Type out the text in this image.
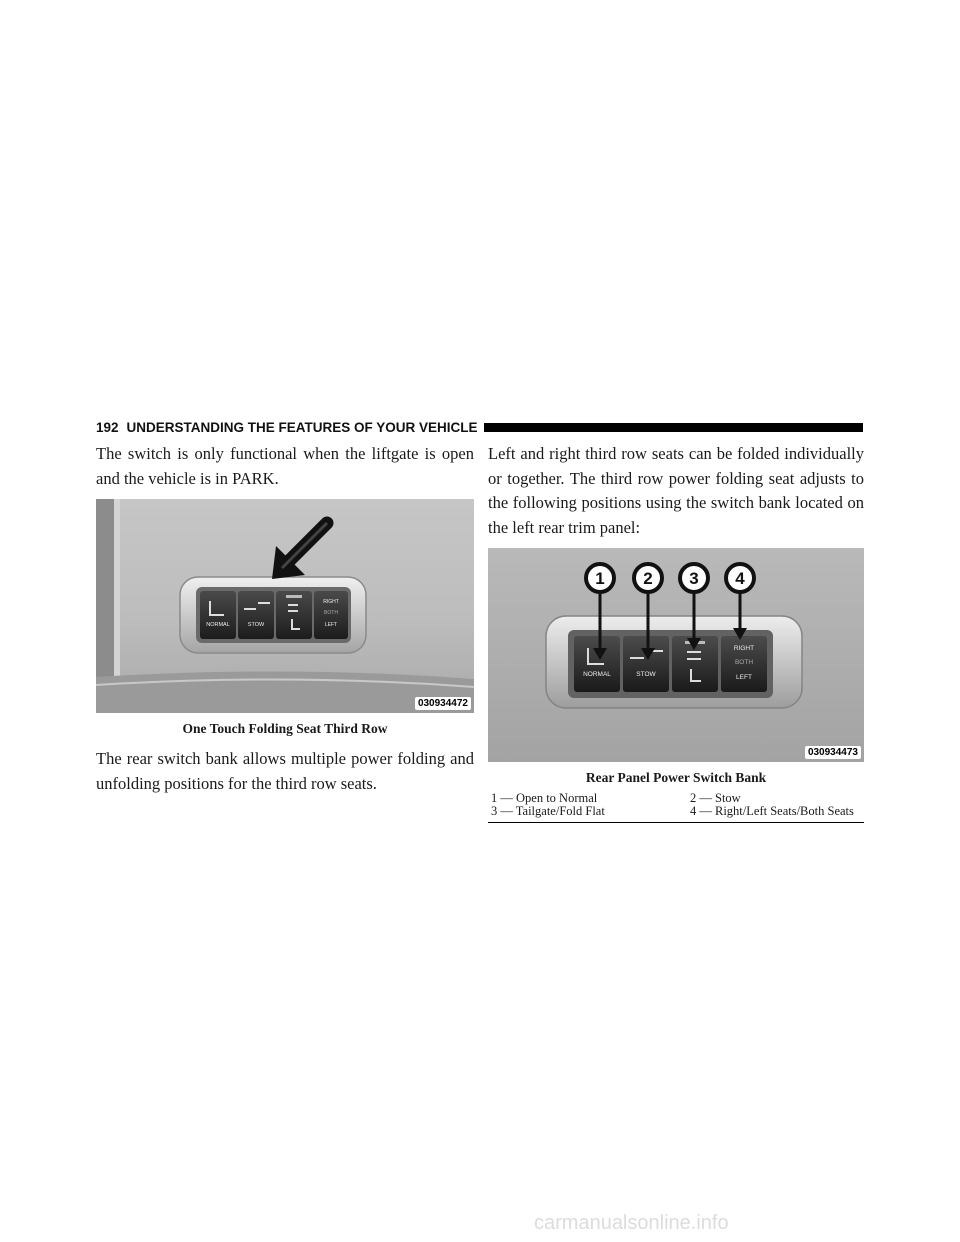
192 UNDERSTANDING THE FEATURES OF YOUR VEHICLE

The switch is only functional when the liftgate is open and the vehicle is in PARK.

NORMAL	STOW
RIGHT
BOTH
LEFT
030934472
One Touch Folding Seat Third Row

The rear switch bank allows multiple power folding and unfolding positions for the third row seats.

Left and right third row seats can be folded individually or together. The third row power folding seat adjusts to the following positions using the switch bank located on the left rear trim panel:

NORMAL	STOW
RIGHT
BOTH
LEFT
1 2 3 4
030934473
Rear Panel Power Switch Bank
1 — Open to Normal	2 — Stow
3 — Tailgate/Fold Flat	4 — Right/Left Seats/Both Seats
carmanualsonline.info
